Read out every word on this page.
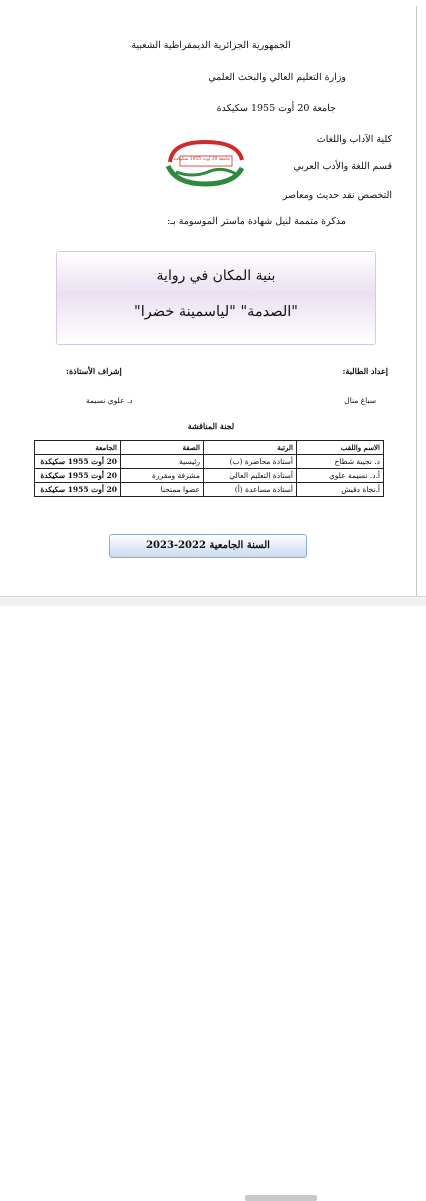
الجمهورية الجزائرية الديمقراطية الشعبية
وزارة التعليم العالي والبحث العلمي
جامعة 20 أوت 1955 سكيكدة
كلية الآداب واللغات
قسم اللغة والأدب العربي
التخصص نقد حديث ومعاصر
جامعة 20 أوت 1955 سكيكدة
مذكرة متممة لنيل شهادة ماستر الموسومة بـ:
بنية المكان في رواية
"الصدمة" "لياسمينة خضرا"
إعداد الطالبة:
سباغ منال
إشراف الأستاذة:
د. علوي نسيمة
لجنة المناقشة
الاسم واللقب	الرتبة	الصفة	الجامعة
د. نجيبة شطاح	أستاذة محاضرة (ب)	رئيسية	20 أوت 1955 سكيكدة
أ.د. نسيمة علوي	أستاذة التعليم العالي	مشرفة ومقررة	20 أوت 1955 سكيكدة
أ.نجاة دقيش	أستاذة مساعدة (أ)	عضوا ممتحنا	20 أوت 1955 سكيكدة
السنة الجامعية 2022-2023
